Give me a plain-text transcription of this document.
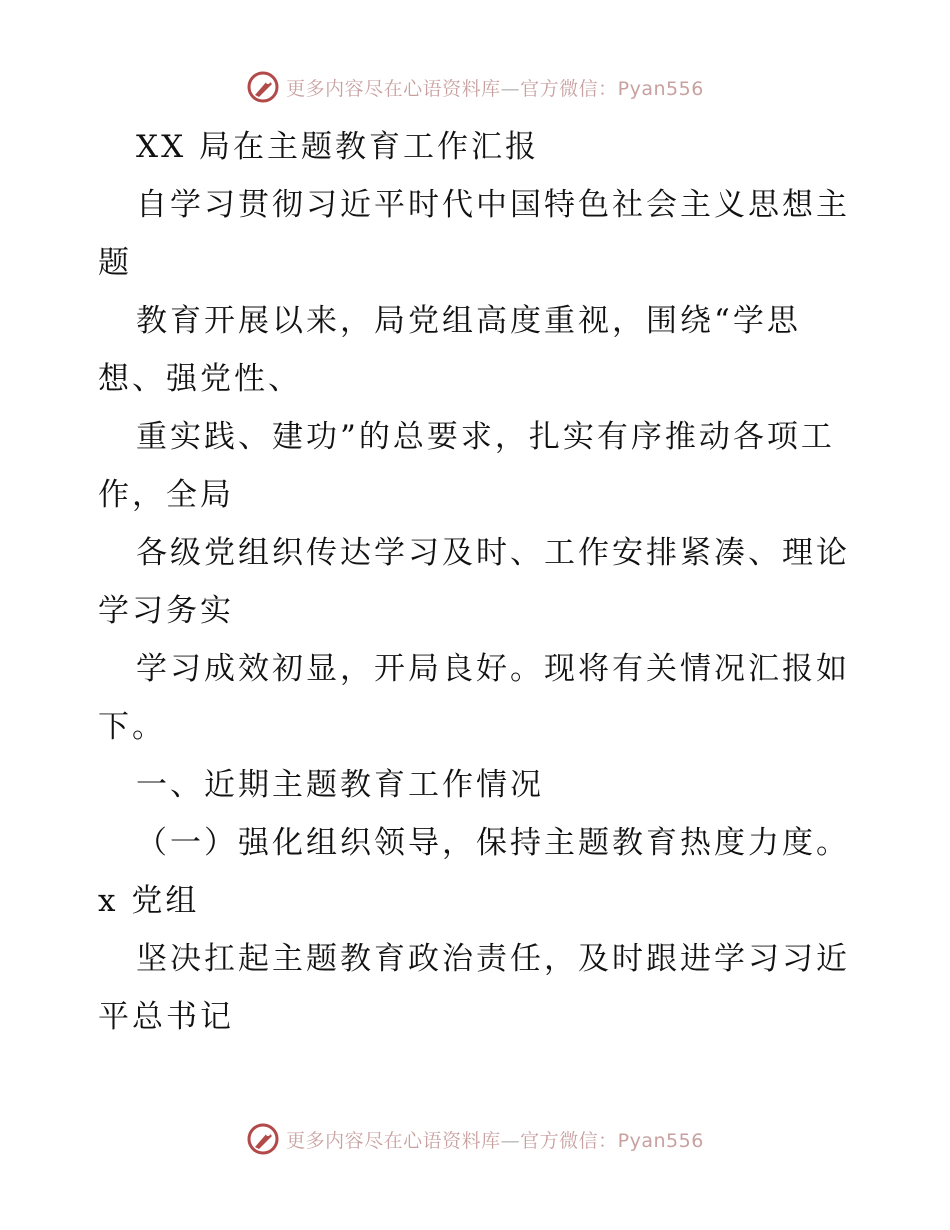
更多内容尽在心语资料库—官方微信：Pyan556

XX 局在主题教育工作汇报

自学习贯彻习近平时代中国特色社会主义思想主题

教育开展以来，局党组高度重视，围绕“学思想、强党性、

重实践、建功”的总要求，扎实有序推动各项工作，全局

各级党组织传达学习及时、工作安排紧凑、理论学习务实

学习成效初显，开局良好。现将有关情况汇报如下。

一、近期主题教育工作情况

（一）强化组织领导，保持主题教育热度力度。x 党组

坚决扛起主题教育政治责任，及时跟进学习习近平总书记

更多内容尽在心语资料库—官方微信：Pyan556
